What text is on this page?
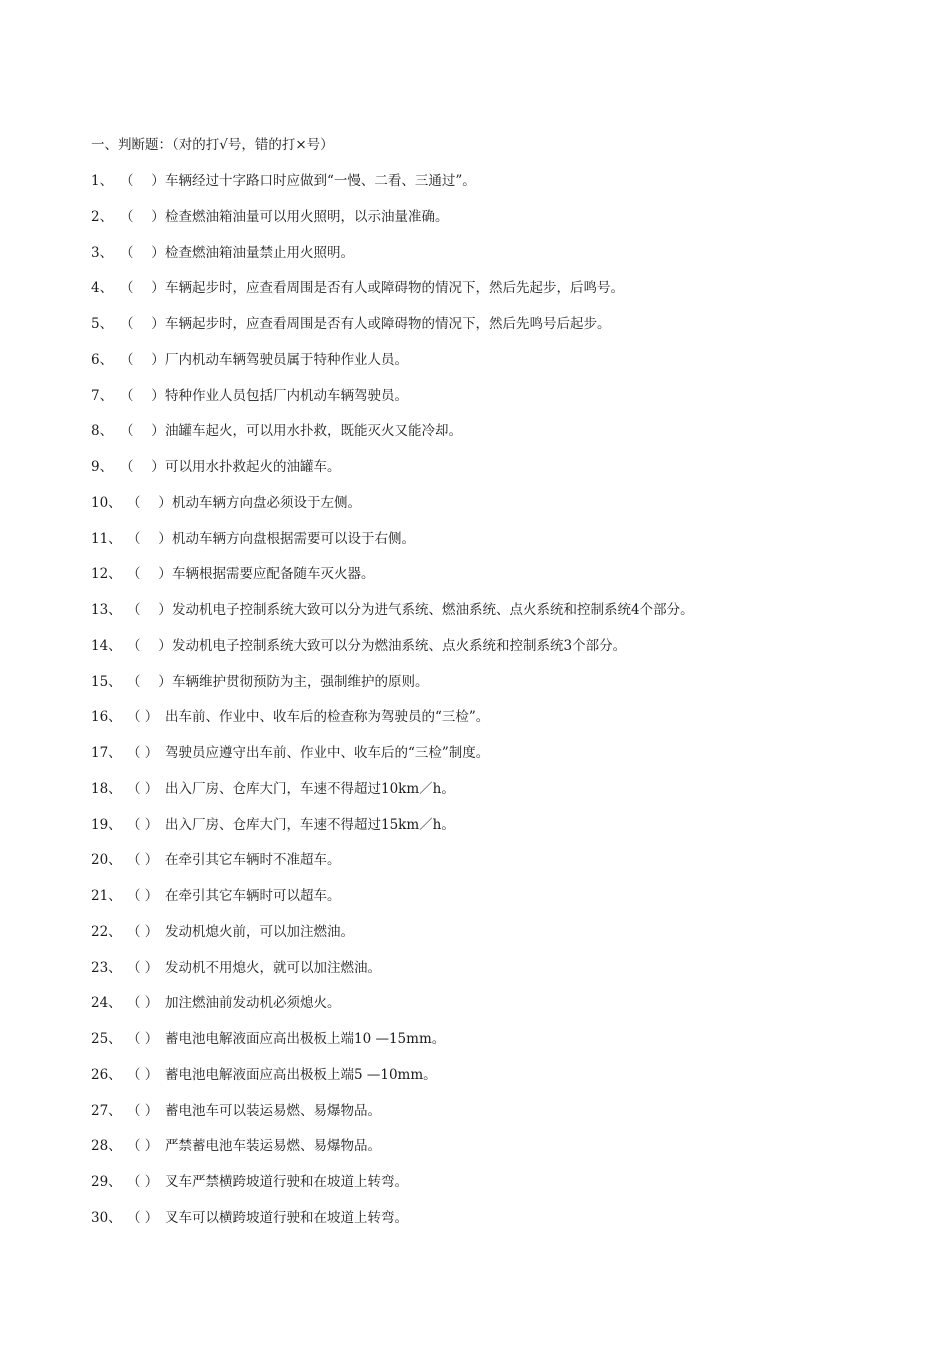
一、判断题：（对的打√号，错的打×号）
1、 （　 ）车辆经过十字路口时应做到“一慢、二看、三通过”。
2、 （　 ）检查燃油箱油量可以用火照明，以示油量准确。
3、 （　 ）检查燃油箱油量禁止用火照明。
4、 （　 ）车辆起步时，应查看周围是否有人或障碍物的情况下，然后先起步，后鸣号。
5、 （　 ）车辆起步时，应查看周围是否有人或障碍物的情况下，然后先鸣号后起步。
6、 （　 ）厂内机动车辆驾驶员属于特种作业人员。
7、 （　 ）特种作业人员包括厂内机动车辆驾驶员。
8、 （　 ）油罐车起火，可以用水扑救，既能灭火又能冷却。
9、 （　 ）可以用水扑救起火的油罐车。
10、 （　 ）机动车辆方向盘必须设于左侧。
11、 （　 ）机动车辆方向盘根据需要可以设于右侧。
12、 （　 ）车辆根据需要应配备随车灭火器。
13、 （　 ）发动机电子控制系统大致可以分为进气系统、燃油系统、点火系统和控制系统4个部分。
14、 （　 ）发动机电子控制系统大致可以分为燃油系统、点火系统和控制系统3个部分。
15、 （　 ）车辆维护贯彻预防为主，强制维护的原则。
16、 （ ） 出车前、作业中、收车后的检查称为驾驶员的“三检”。
17、 （ ） 驾驶员应遵守出车前、作业中、收车后的“三检”制度。
18、 （ ） 出入厂房、仓库大门，车速不得超过10km／h。
19、 （ ） 出入厂房、仓库大门，车速不得超过15km／h。
20、 （ ） 在牵引其它车辆时不准超车。
21、 （ ） 在牵引其它车辆时可以超车。
22、 （ ） 发动机熄火前，可以加注燃油。
23、 （ ） 发动机不用熄火，就可以加注燃油。
24、 （ ） 加注燃油前发动机必须熄火。
25、 （ ） 蓄电池电解液面应高出极板上端10 —15mm。
26、 （ ） 蓄电池电解液面应高出极板上端5 —10mm。
27、 （ ） 蓄电池车可以装运易燃、易爆物品。
28、 （ ） 严禁蓄电池车装运易燃、易爆物品。
29、 （ ） 叉车严禁横跨坡道行驶和在坡道上转弯。
30、 （ ） 叉车可以横跨坡道行驶和在坡道上转弯。
